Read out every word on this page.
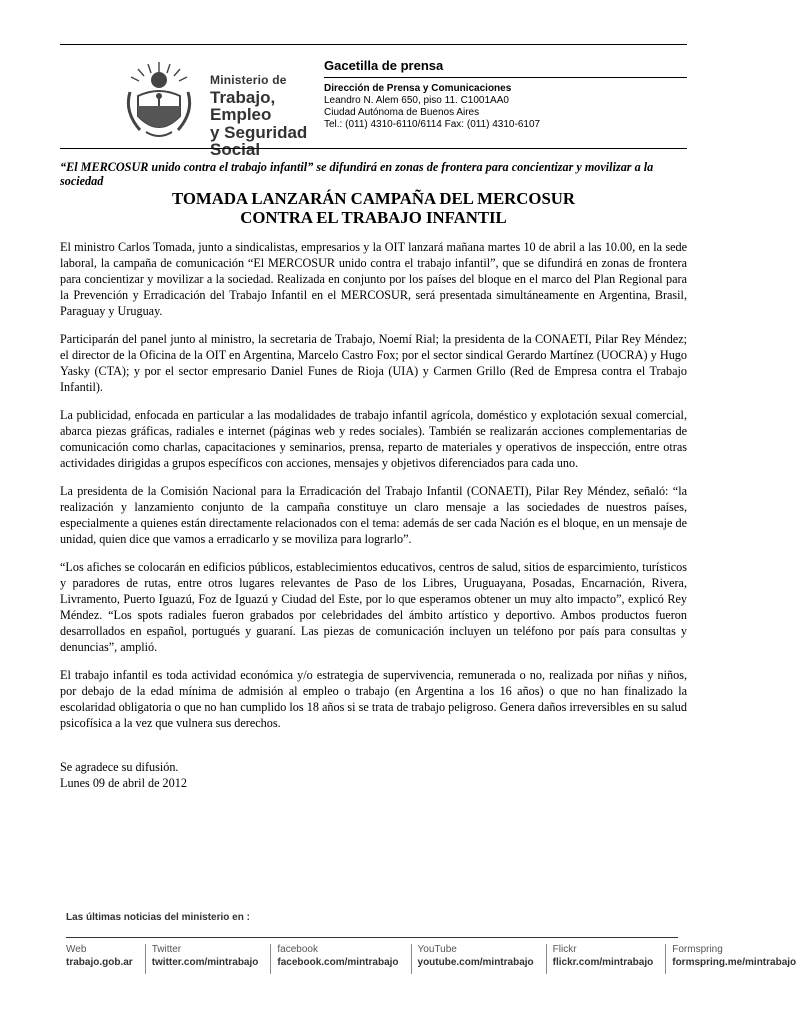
Ministerio de
Trabajo, Empleo
y Seguridad Social
Gacetilla de prensa
Dirección de Prensa y Comunicaciones
Leandro N. Alem 650, piso 11. C1001AA0
Ciudad Autónoma de Buenos Aires
Tel.: (011) 4310-6110/6114 Fax: (011) 4310-6107
“El MERCOSUR unido contra el trabajo infantil” se difundirá en zonas de frontera para concientizar y movilizar a la sociedad
TOMADA LANZARÁN CAMPAÑA DEL MERCOSUR
CONTRA EL TRABAJO INFANTIL

El ministro Carlos Tomada, junto a sindicalistas, empresarios y la OIT lanzará mañana martes 10 de abril a las 10.00, en la sede laboral, la campaña de comunicación “El MERCOSUR unido contra el trabajo infantil”, que se difundirá en zonas de frontera para concientizar y movilizar a la sociedad. Realizada en conjunto por los países del bloque en el marco del Plan Regional para la Prevención y Erradicación del Trabajo Infantil en el MERCOSUR, será presentada simultáneamente en Argentina, Brasil, Paraguay y Uruguay.

Participarán del panel junto al ministro, la secretaria de Trabajo, Noemí Rial; la presidenta de la CONAETI, Pilar Rey Méndez; el director de la Oficina de la OIT en Argentina, Marcelo Castro Fox; por el sector sindical Gerardo Martínez (UOCRA) y Hugo Yasky (CTA); y por el sector empresario Daniel Funes de Rioja (UIA) y Carmen Grillo (Red de Empresa contra el Trabajo Infantil).

La publicidad, enfocada en particular a las modalidades de trabajo infantil agrícola, doméstico y explotación sexual comercial, abarca piezas gráficas, radiales e internet (páginas web y redes sociales). También se realizarán acciones complementarias de comunicación como charlas, capacitaciones y seminarios, prensa, reparto de materiales y operativos de inspección, entre otras actividades dirigidas a grupos específicos con acciones, mensajes y objetivos diferenciados para cada uno.

La presidenta de la Comisión Nacional para la Erradicación del Trabajo Infantil (CONAETI), Pilar Rey Méndez, señaló: “la realización y lanzamiento conjunto de la campaña constituye un claro mensaje a las sociedades de nuestros países, especialmente a quienes están directamente relacionados con el tema: además de ser cada Nación es el bloque, en un mensaje de unidad, quien dice que vamos a erradicarlo y se moviliza para lograrlo”.

“Los afiches se colocarán en edificios públicos, establecimientos educativos, centros de salud, sitios de esparcimiento, turísticos y paradores de rutas, entre otros lugares relevantes de Paso de los Libres, Uruguayana, Posadas, Encarnación, Rivera, Livramento, Puerto Iguazú, Foz de Iguazú y Ciudad del Este, por lo que esperamos obtener un muy alto impacto”, explicó Rey Méndez. “Los spots radiales fueron grabados por celebridades del ámbito artístico y deportivo. Ambos productos fueron desarrollados en español, portugués y guaraní. Las piezas de comunicación incluyen un teléfono por país para consultas y denuncias”, amplió.

El trabajo infantil es toda actividad económica y/o estrategia de supervivencia, remunerada o no, realizada por niñas y niños, por debajo de la edad mínima de admisión al empleo o trabajo (en Argentina a los 16 años) o que no han finalizado la escolaridad obligatoria o que no han cumplido los 18 años si se trata de trabajo peligroso. Genera daños irreversibles en su salud psicofísica a la vez que vulnera sus derechos.

Se agradece su difusión.
Lunes 09 de abril de 2012
Las últimas noticias del ministerio en :
Web
trabajo.gob.ar
Twitter
twitter.com/mintrabajo
facebook
facebook.com/mintrabajo
YouTube
youtube.com/mintrabajo
Flickr
flickr.com/mintrabajo
Formspring
formspring.me/mintrabajo
